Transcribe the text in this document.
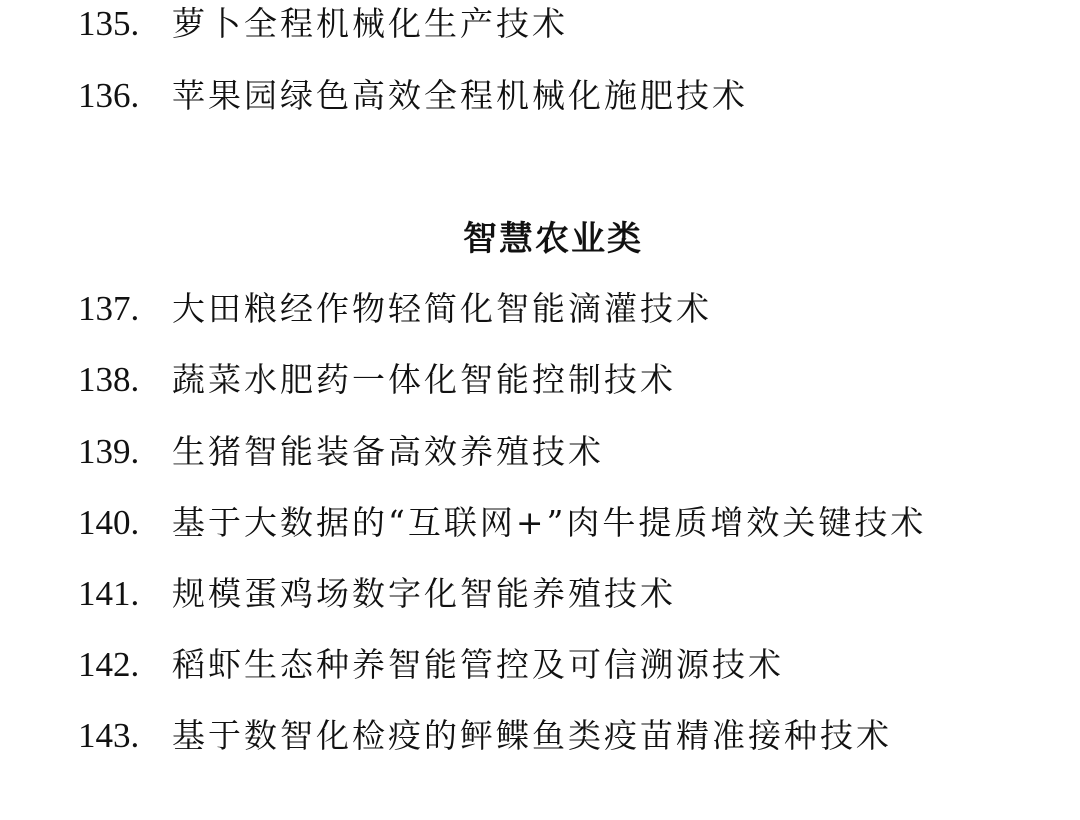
135. 萝卜全程机械化生产技术
136. 苹果园绿色高效全程机械化施肥技术
智慧农业类
137. 大田粮经作物轻简化智能滴灌技术
138. 蔬菜水肥药一体化智能控制技术
139. 生猪智能装备高效养殖技术
140. 基于大数据的“互联网+”肉牛提质增效关键技术
141. 规模蛋鸡场数字化智能养殖技术
142. 稻虾生态种养智能管控及可信溯源技术
143. 基于数智化检疫的鲆鲽鱼类疫苗精准接种技术
